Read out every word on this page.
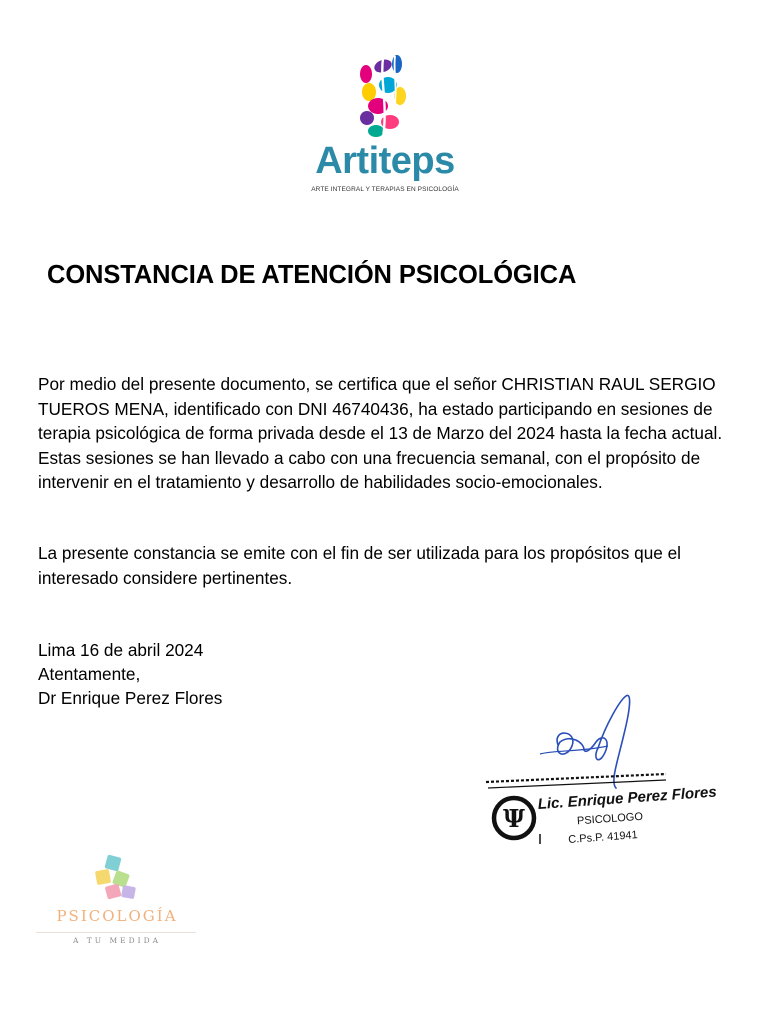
Artiteps
ARTE INTEGRAL Y TERAPIAS EN PSICOLOGÍA
CONSTANCIA DE ATENCIÓN PSICOLÓGICA

Por medio del presente documento, se certifica que el señor CHRISTIAN RAUL SERGIO TUEROS MENA, identificado con DNI 46740436, ha estado participando en sesiones de terapia psicológica de forma privada desde el 13 de Marzo del 2024 hasta la fecha actual. Estas sesiones se han llevado a cabo con una frecuencia semanal, con el propósito de intervenir en el tratamiento y desarrollo de habilidades socio-emocionales.

La presente constancia se emite con el fin de ser utilizada para los propósitos que el interesado considere pertinentes.

Lima 16 de abril 2024
Atentamente,
Dr Enrique Perez Flores
Ψ
Lic. Enrique Perez Flores
PSICOLOGO
C.Ps.P. 41941
PSICOLOGÍA
A TU MEDIDA
